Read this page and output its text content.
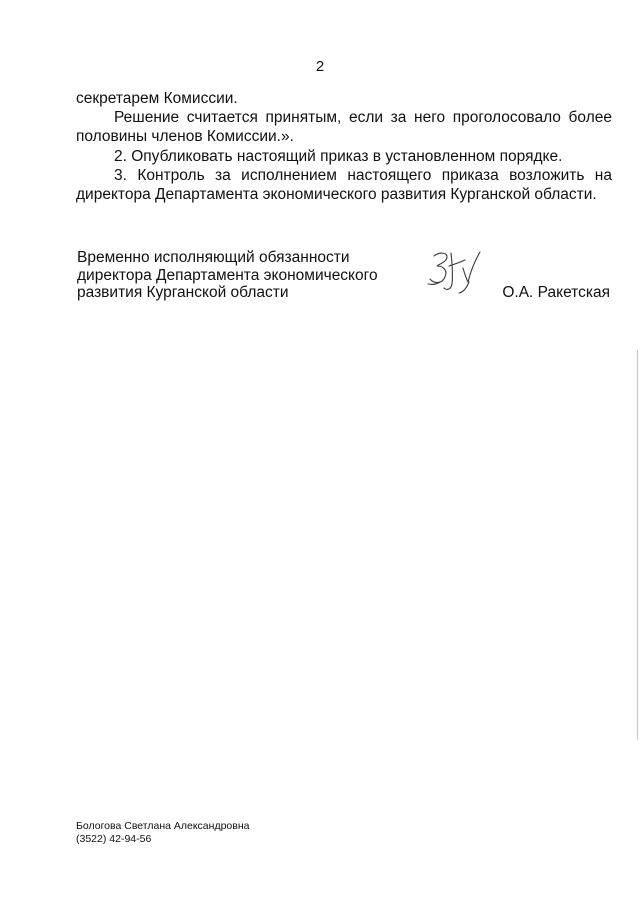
2

секретарем Комиссии.

Решение считается принятым, если за него проголосовало более половины членов Комиссии.».

2. Опубликовать настоящий приказ в установленном порядке.

3. Контроль за исполнением настоящего приказа возложить на директора Департамента экономического развития Курганской области.

Временно исполняющий обязанности
директора Департамента экономического
развития Курганской области	О.А. Ракетская
Бологова Светлана Александровна
(3522) 42-94-56
